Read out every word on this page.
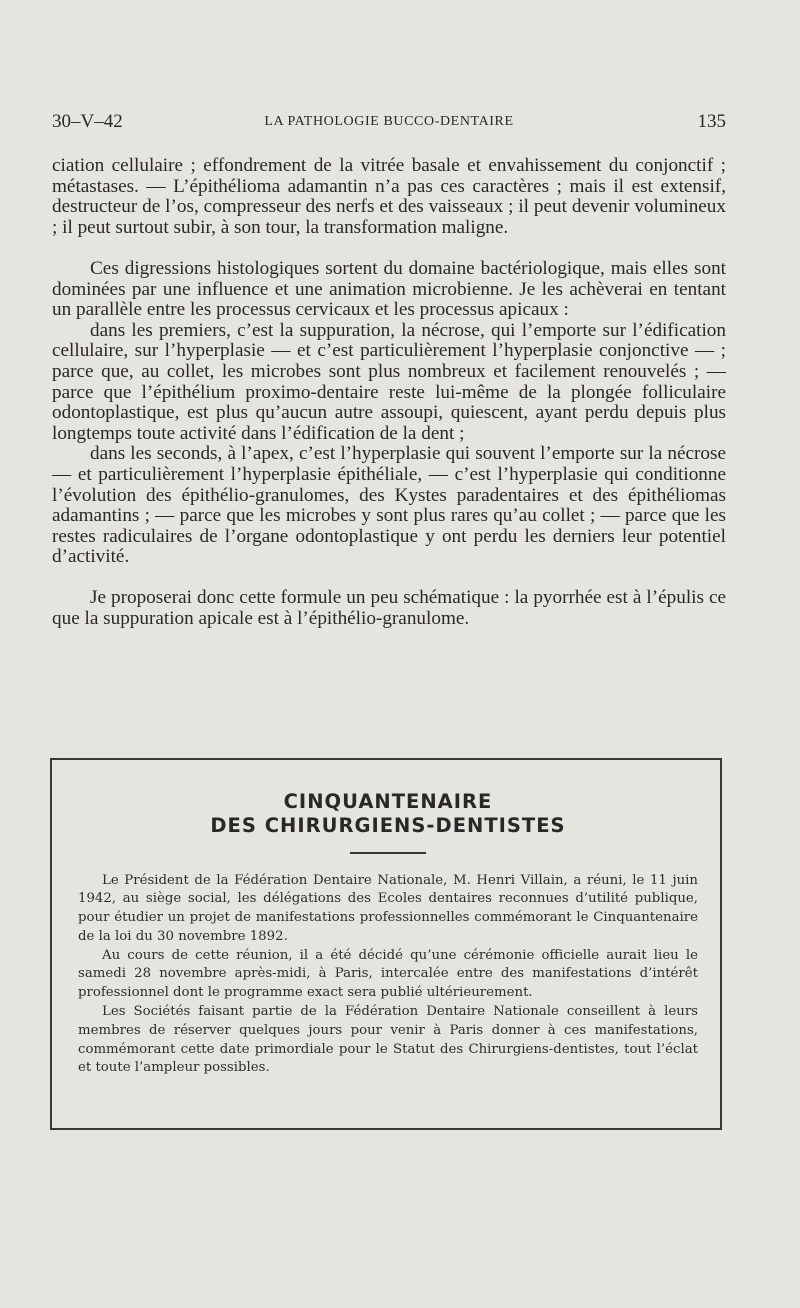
30–V–42	LA PATHOLOGIE BUCCO-DENTAIRE	135

ciation cellulaire ; effondrement de la vitrée basale et envahissement du conjonctif ; métastases. — L’épithélioma adamantin n’a pas ces caractères ; mais il est extensif, destructeur de l’os, compresseur des nerfs et des vaisseaux ; il peut devenir volumineux ; il peut surtout subir, à son tour, la transformation maligne.

Ces digressions histologiques sortent du domaine bactériologique, mais elles sont dominées par une influence et une animation microbienne. Je les achèverai en tentant un parallèle entre les processus cervicaux et les processus apicaux :

dans les premiers, c’est la suppuration, la nécrose, qui l’emporte sur l’édification cellulaire, sur l’hyperplasie — et c’est particulièrement l’hyperplasie conjonctive — ; parce que, au collet, les microbes sont plus nombreux et facilement renouvelés ; — parce que l’épithélium proximo-dentaire reste lui-même de la plongée folliculaire odontoplastique, est plus qu’aucun autre assoupi, quiescent, ayant perdu depuis plus longtemps toute activité dans l’édification de la dent ;

dans les seconds, à l’apex, c’est l’hyperplasie qui souvent l’emporte sur la nécrose — et particulièrement l’hyperplasie épithéliale, — c’est l’hyperplasie qui conditionne l’évolution des épithélio-granulomes, des Kystes paradentaires et des épithéliomas adamantins ; — parce que les microbes y sont plus rares qu’au collet ; — parce que les restes radiculaires de l’organe odontoplastique y ont perdu les derniers leur potentiel d’activité.

Je proposerai donc cette formule un peu schématique : la pyorrhée est à l’épulis ce que la suppuration apicale est à l’épithélio-granulome.

CINQUANTENAIRE

DES CHIRURGIENS-DENTISTES

Le Président de la Fédération Dentaire Nationale, M. Henri Villain, a réuni, le 11 juin 1942, au siège social, les délégations des Ecoles dentaires reconnues d’utilité publique, pour étudier un projet de manifestations professionnelles commémorant le Cinquantenaire de la loi du 30 novembre 1892.

Au cours de cette réunion, il a été décidé qu’une cérémonie officielle aurait lieu le samedi 28 novembre après-midi, à Paris, intercalée entre des manifestations d’intérêt professionnel dont le programme exact sera publié ultérieurement.

Les Sociétés faisant partie de la Fédération Dentaire Nationale conseillent à leurs membres de réserver quelques jours pour venir à Paris donner à ces manifestations, commémorant cette date primordiale pour le Statut des Chirurgiens-dentistes, tout l’éclat et toute l’ampleur possibles.
